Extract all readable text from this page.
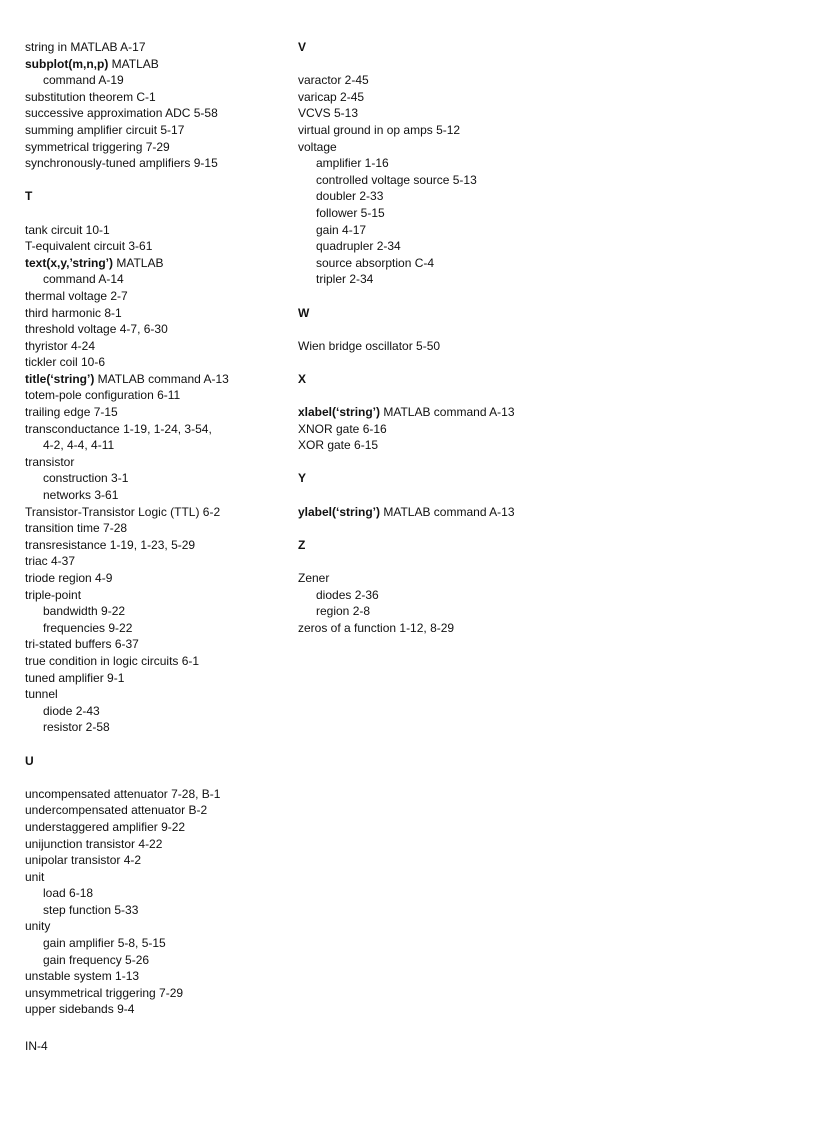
string in MATLAB A-17
subplot(m,n,p) MATLAB
command A-19
substitution theorem C-1
successive approximation ADC 5-58
summing amplifier circuit 5-17
symmetrical triggering 7-29
synchronously-tuned amplifiers 9-15
T
tank circuit 10-1
T-equivalent circuit 3-61
text(x,y,’string’) MATLAB
command A-14
thermal voltage 2-7
third harmonic 8-1
threshold voltage 4-7, 6-30
thyristor 4-24
tickler coil 10-6
title(‘string’) MATLAB command A-13
totem-pole configuration 6-11
trailing edge 7-15
transconductance 1-19, 1-24, 3-54,
4-2, 4-4, 4-11
transistor
construction 3-1
networks 3-61
Transistor-Transistor Logic (TTL) 6-2
transition time 7-28
transresistance 1-19, 1-23, 5-29
triac 4-37
triode region 4-9
triple-point
bandwidth 9-22
frequencies 9-22
tri-stated buffers 6-37
true condition in logic circuits 6-1
tuned amplifier 9-1
tunnel
diode 2-43
resistor 2-58
U
uncompensated attenuator 7-28, B-1
undercompensated attenuator B-2
understaggered amplifier 9-22
unijunction transistor 4-22
unipolar transistor 4-2
unit
load 6-18
step function 5-33
unity
gain amplifier 5-8, 5-15
gain frequency 5-26
unstable system 1-13
unsymmetrical triggering 7-29
upper sidebands 9-4
V
varactor 2-45
varicap 2-45
VCVS 5-13
virtual ground in op amps 5-12
voltage
amplifier 1-16
controlled voltage source 5-13
doubler 2-33
follower 5-15
gain 4-17
quadrupler 2-34
source absorption C-4
tripler 2-34
W
Wien bridge oscillator 5-50
X
xlabel(‘string’) MATLAB command A-13
XNOR gate 6-16
XOR gate 6-15
Y
ylabel(‘string’) MATLAB command A-13
Z
Zener
diodes 2-36
region 2-8
zeros of a function 1-12, 8-29
IN-4
